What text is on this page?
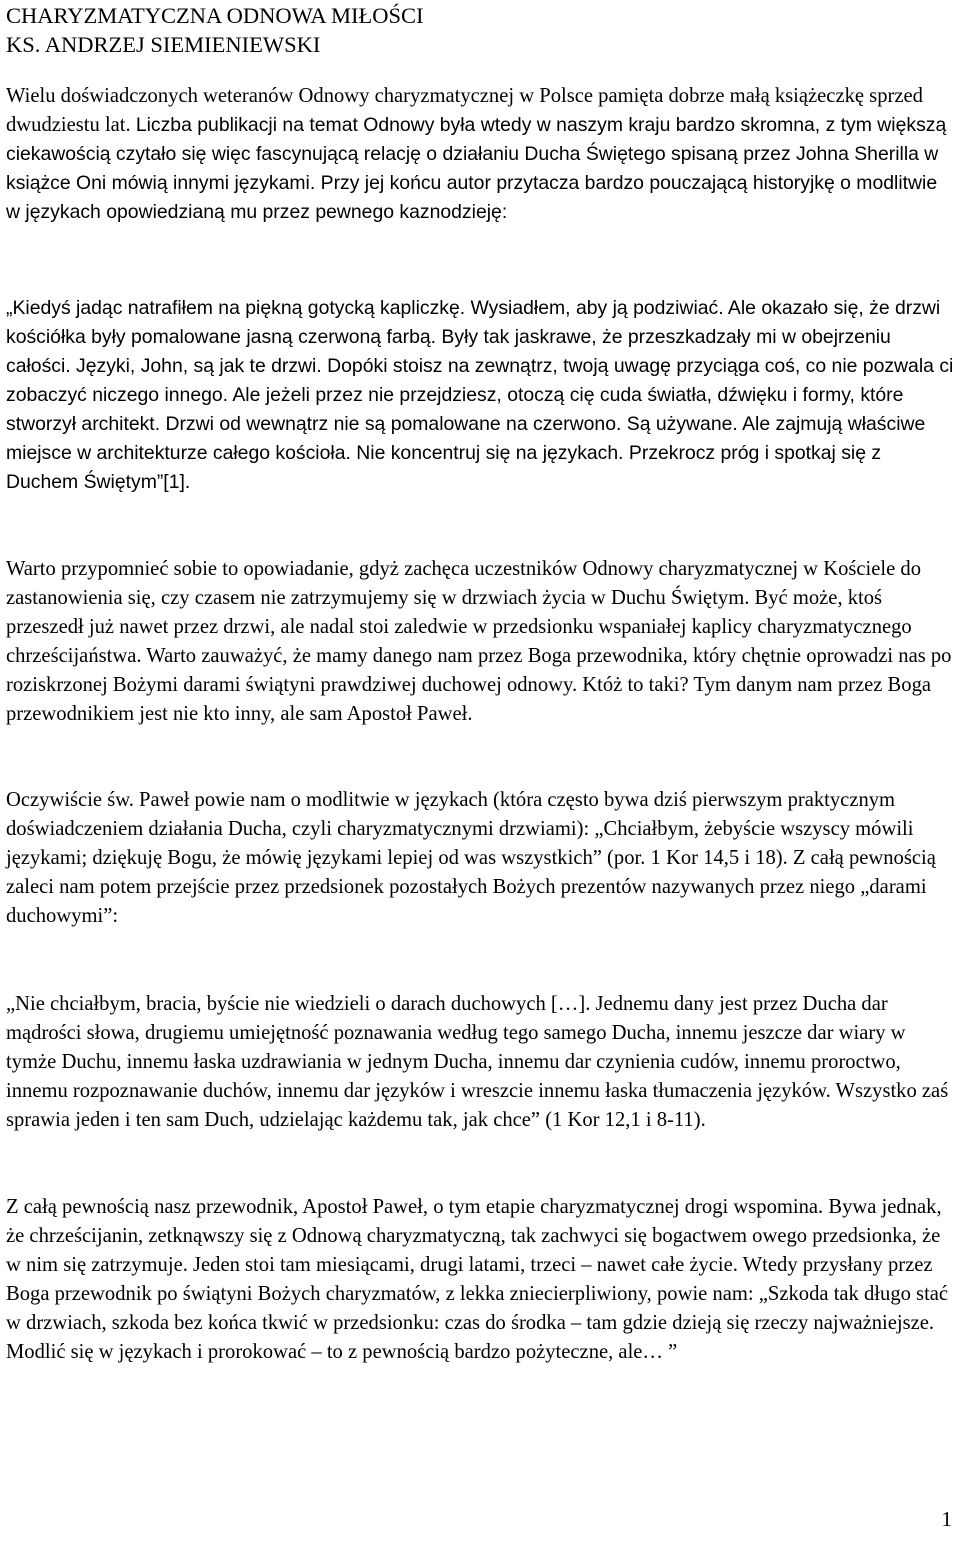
CHARYZMATYCZNA ODNOWA MIŁOŚCI
KS. ANDRZEJ SIEMIENIEWSKI

Wielu doświadczonych weteranów Odnowy charyzmatycznej w Polsce pamięta dobrze małą książeczkę sprzed dwudziestu lat. Liczba publikacji na temat Odnowy była wtedy w naszym kraju bardzo skromna, z tym większą ciekawością czytało się więc fascynującą relację o działaniu Ducha Świętego spisaną przez Johna Sherilla w książce Oni mówią innymi językami. Przy jej końcu autor przytacza bardzo pouczającą historyjkę o modlitwie w językach opowiedzianą mu przez pewnego kaznodzieję:

„Kiedyś jadąc natrafiłem na piękną gotycką kapliczkę. Wysiadłem, aby ją podziwiać. Ale okazało się, że drzwi kościółka były pomalowane jasną czerwoną farbą. Były tak jaskrawe, że przeszkadzały mi w obejrzeniu całości. Języki, John, są jak te drzwi. Dopóki stoisz na zewnątrz, twoją uwagę przyciąga coś, co nie pozwala ci zobaczyć niczego innego. Ale jeżeli przez nie przejdziesz, otoczą cię cuda światła, dźwięku i formy, które stworzył architekt. Drzwi od wewnątrz nie są pomalowane na czerwono. Są używane. Ale zajmują właściwe miejsce w architekturze całego kościoła. Nie koncentruj się na językach. Przekrocz próg i spotkaj się z Duchem Świętym”[1].

Warto przypomnieć sobie to opowiadanie, gdyż zachęca uczestników Odnowy charyzmatycznej w Kościele do zastanowienia się, czy czasem nie zatrzymujemy się w drzwiach życia w Duchu Świętym. Być może, ktoś przeszedł już nawet przez drzwi, ale nadal stoi zaledwie w przedsionku wspaniałej kaplicy charyzmatycznego chrześcijaństwa. Warto zauważyć, że mamy danego nam przez Boga przewodnika, który chętnie oprowadzi nas po roziskrzonej Bożymi darami świątyni prawdziwej duchowej odnowy. Któż to taki? Tym danym nam przez Boga przewodnikiem jest nie kto inny, ale sam Apostoł Paweł.

Oczywiście św. Paweł powie nam o modlitwie w językach (która często bywa dziś pierwszym praktycznym doświadczeniem działania Ducha, czyli charyzmatycznymi drzwiami): „Chciałbym, żebyście wszyscy mówili językami; dziękuję Bogu, że mówię językami lepiej od was wszystkich” (por. 1 Kor 14,5 i 18). Z całą pewnością zaleci nam potem przejście przez przedsionek pozostałych Bożych prezentów nazywanych przez niego „darami duchowymi”:

„Nie chciałbym, bracia, byście nie wiedzieli o darach duchowych […]. Jednemu dany jest przez Ducha dar mądrości słowa, drugiemu umiejętność poznawania według tego samego Ducha, innemu jeszcze dar wiary w tymże Duchu, innemu łaska uzdrawiania w jednym Ducha, innemu dar czynienia cudów, innemu proroctwo, innemu rozpoznawanie duchów, innemu dar języków i wreszcie innemu łaska tłumaczenia języków. Wszystko zaś sprawia jeden i ten sam Duch, udzielając każdemu tak, jak chce” (1 Kor 12,1 i 8-11).

Z całą pewnością nasz przewodnik, Apostoł Paweł, o tym etapie charyzmatycznej drogi wspomina. Bywa jednak, że chrześcijanin, zetknąwszy się z Odnową charyzmatyczną, tak zachwyci się bogactwem owego przedsionka, że w nim się zatrzymuje. Jeden stoi tam miesiącami, drugi latami, trzeci – nawet całe życie. Wtedy przysłany przez Boga przewodnik po świątyni Bożych charyzmatów, z lekka zniecierpliwiony, powie nam: „Szkoda tak długo stać w drzwiach, szkoda bez końca tkwić w przedsionku: czas do środka – tam gdzie dzieją się rzeczy najważniejsze. Modlić się w językach i prorokować – to z pewnością bardzo pożyteczne, ale… ”

1
